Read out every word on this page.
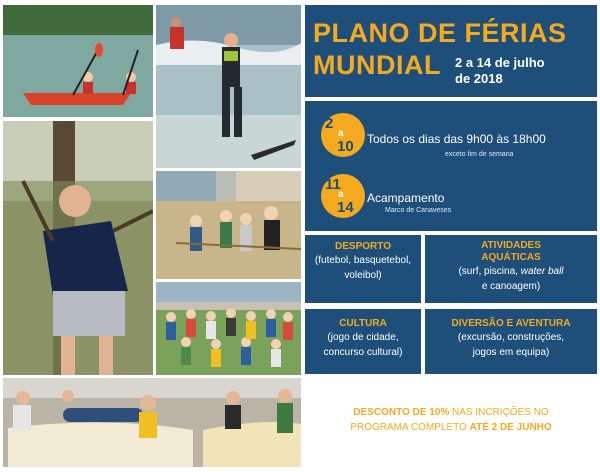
PLANO DE FÉRIAS
MUNDIAL	2 a 14 de julho
de 2018
2
a
10 Todos os dias das 9h00 às 18h00
exceto fim de semana
11
a
14
Acampamento
Marco de Canaveses
DESPORTO
(futebol, basquetebol,
voleibol)
ATIVIDADES
AQUÁTICAS
(surf, piscina, water ball
e canoagem)
CULTURA
(jogo de cidade,
concurso cultural)
DIVERSÃO E AVENTURA
(excursão, construções,
jogos em equipa)
DESCONTO DE 10% NAS INCRIÇÕES NO
PROGRAMA COMPLETO ATÉ 2 DE JUNHO
